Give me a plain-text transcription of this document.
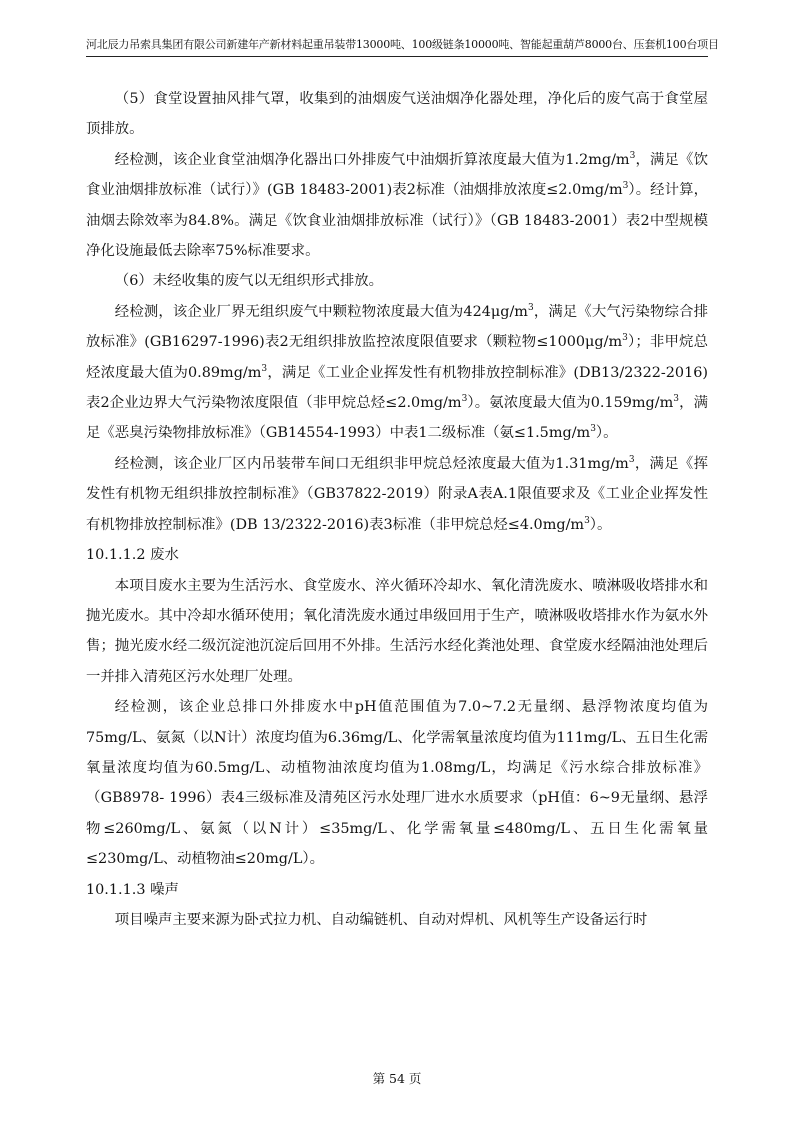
河北辰力吊索具集团有限公司新建年产新材料起重吊装带13000吨、100级链条10000吨、智能起重葫芦8000台、压套机100台项目

（5）食堂设置抽风排气罩，收集到的油烟废气送油烟净化器处理，净化后的废气高于食堂屋顶排放。

经检测，该企业食堂油烟净化器出口外排废气中油烟折算浓度最大值为$1.2mg/m^3$，满足《饮食业油烟排放标准（试行）》(GB 18483-2001)表2标准（油烟排放浓度$\le 2.0mg/m^3$）。经计算，油烟去除效率为84.8%。满足《饮食业油烟排放标准（试行）》（GB 18483-2001）表2中型规模净化设施最低去除率75%标准要求。

（6）未经收集的废气以无组织形式排放。

经检测，该企业厂界无组织废气中颗粒物浓度最大值为$424\mu g/m^3$，满足《大气污染物综合排放标准》(GB16297-1996)表2无组织排放监控浓度限值要求（颗粒物$\le 1000\mu g/m^3$）；非甲烷总烃浓度最大值为$0.89mg/m^3$，满足《工业企业挥发性有机物排放控制标准》(DB13/2322-2016)表2企业边界大气污染物浓度限值（非甲烷总烃$\le 2.0mg/m^3$）。氨浓度最大值为$0.159mg/m^3$，满足《恶臭污染物排放标准》（GB14554-1993）中表1二级标准（氨$\le 1.5mg/m^3$）。

经检测，该企业厂区内吊装带车间口无组织非甲烷总烃浓度最大值为$1.31mg/m^3$，满足《挥发性有机物无组织排放控制标准》（GB37822-2019）附录A表A.1限值要求及《工业企业挥发性有机物排放控制标准》(DB 13/2322-2016)表3标准（非甲烷总烃$\le 4.0mg/m^3$）。

10.1.1.2 废水

本项目废水主要为生活污水、食堂废水、淬火循环冷却水、氧化清洗废水、喷淋吸收塔排水和抛光废水。其中冷却水循环使用；氧化清洗废水通过串级回用于生产，喷淋吸收塔排水作为氨水外售；抛光废水经二级沉淀池沉淀后回用不外排。生活污水经化粪池处理、食堂废水经隔油池处理后一并排入清苑区污水处理厂处理。

经检测，该企业总排口外排废水中pH值范围值为7.0~7.2无量纲、悬浮物浓度均值为75mg/L、氨氮（以N计）浓度均值为6.36mg/L、化学需氧量浓度均值为111mg/L、五日生化需氧量浓度均值为60.5mg/L、动植物油浓度均值为1.08mg/L，均满足《污水综合排放标准》（GB8978- 1996）表4三级标准及清苑区污水处理厂进水水质要求（pH值：6~9无量纲、悬浮物≤260mg/L、氨氮（以N计）≤35mg/L、化学需氧量≤480mg/L、五日生化需氧量≤230mg/L、动植物油≤20mg/L）。

10.1.1.3 噪声

项目噪声主要来源为卧式拉力机、自动编链机、自动对焊机、风机等生产设备运行时

第 54 页
